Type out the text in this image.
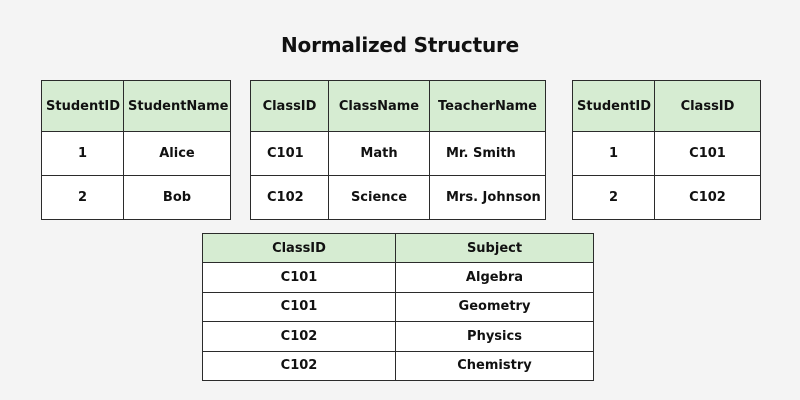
Normalized Structure
StudentID	StudentName
1	Alice
2	Bob
ClassID	ClassName	TeacherName
C101	Math	Mr. Smith
C102	Science	Mrs. Johnson
StudentID	ClassID
1	C101
2	C102
ClassID	Subject
C101	Algebra
C101	Geometry
C102	Physics
C102	Chemistry
